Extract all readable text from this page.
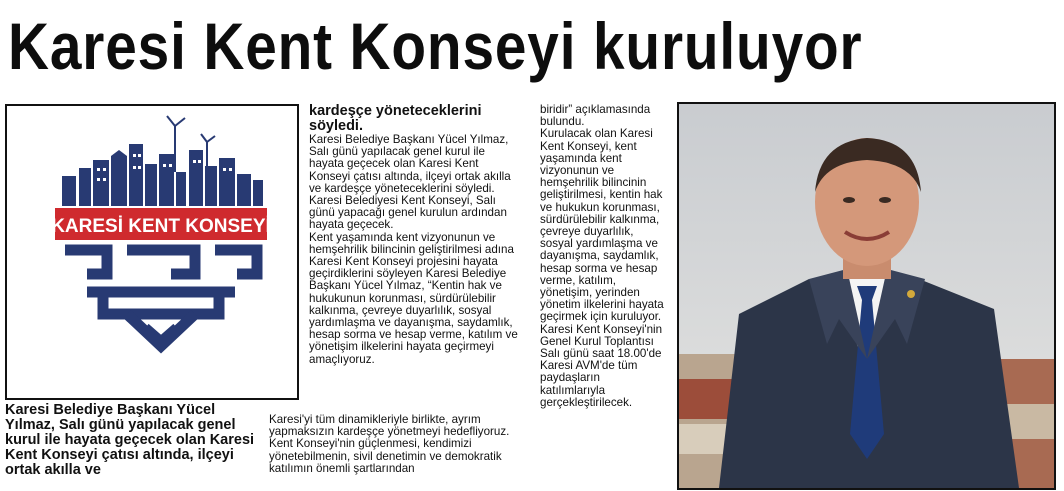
Karesi Kent Konseyi kuruluyor
KARESİ KENT KONSEYİ
Karesi Belediye Başkanı Yücel Yılmaz, Salı günü yapılacak genel kurul ile hayata geçecek olan Karesi Kent Konseyi çatısı altında, ilçeyi ortak akılla ve

kardeşçe yöneteceklerini söyledi.

Karesi Belediye Başkanı Yücel Yılmaz, Salı günü yapılacak genel kurul ile hayata geçecek olan Karesi Kent Konseyi çatısı altında, ilçeyi ortak akılla ve kardeşçe yöneteceklerini söyledi. Karesi Belediyesi Kent Konseyi, Salı günü yapacağı genel kurulun ardından hayata geçecek.

Kent yaşamında kent vizyonunun ve hemşehrilik bilincinin geliştirilmesi adına Karesi Kent Konseyi projesini hayata geçirdiklerini söyleyen Karesi Belediye Başkanı Yücel Yılmaz, “Kentin hak ve hukukunun korunması, sürdürülebilir kalkınma, çevreye duyarlılık, sosyal yardımlaşma ve dayanışma, saydamlık, hesap sorma ve hesap verme, katılım ve yönetişim ilkelerini hayata geçirmeyi amaçlıyoruz.

Karesi'yi tüm dinamikleriyle birlikte, ayrım yapmaksızın kardeşçe yönetmeyi hedefliyoruz. Kent Konseyi'nin güçlenmesi, kendimizi yönetebilmenin, sivil denetimin ve demokratik katılımın önemli şartlarından

biridir” açıklamasında bulundu.

Kurulacak olan Karesi Kent Konseyi, kent yaşamında kent vizyonunun ve hemşehrilik bilincinin geliştirilmesi, kentin hak ve hukukun korunması, sürdürülebilir kalkınma, çevreye duyarlılık, sosyal yardımlaşma ve dayanışma, saydamlık, hesap sorma ve hesap verme, katılım, yönetişim, yerinden yönetim ilkelerini hayata geçirmek için kuruluyor. Karesi Kent Konseyi'nin Genel Kurul Toplantısı Salı günü saat 18.00'de Karesi AVM'de tüm paydaşların katılımlarıyla gerçekleştirilecek.
